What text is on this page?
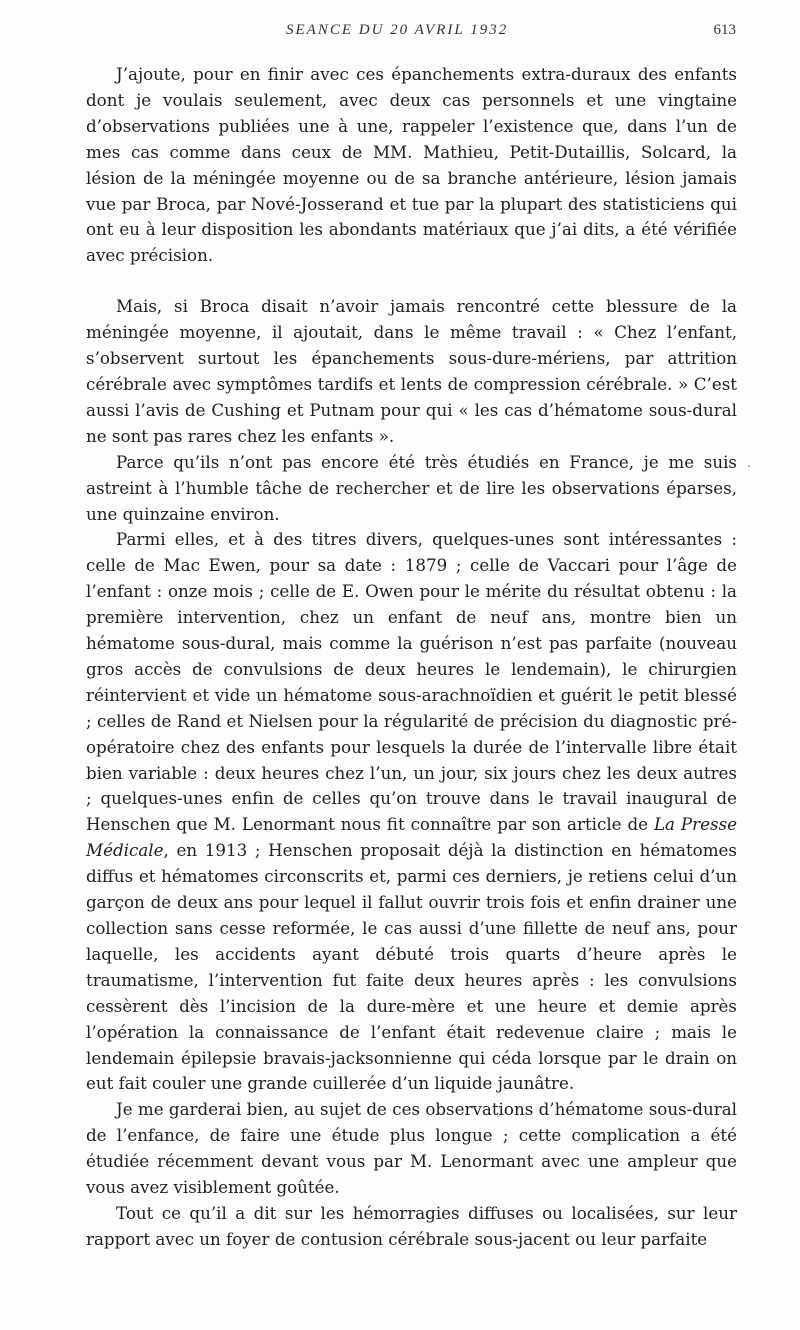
SEANCE DU 20 AVRIL 1932	613

J’ajoute, pour en finir avec ces épanchements extra-duraux des enfants dont je voulais seulement, avec deux cas personnels et une vingtaine d’observations publiées une à une, rappeler l’existence que, dans l’un de mes cas comme dans ceux de MM. Mathieu, Petit-Dutaillis, Solcard, la lésion de la méningée moyenne ou de sa branche antérieure, lésion jamais vue par Broca, par Nové-Josserand et tue par la plupart des statisticiens qui ont eu à leur disposition les abondants matériaux que j’ai dits, a été vérifiée avec précision.

Mais, si Broca disait n’avoir jamais rencontré cette blessure de la méningée moyenne, il ajoutait, dans le même travail : « Chez l’enfant, s’observent surtout les épanchements sous-dure-mériens, par attrition cérébrale avec symptômes tardifs et lents de compression cérébrale. » C’est aussi l’avis de Cushing et Putnam pour qui « les cas d’hématome sous-dural ne sont pas rares chez les enfants ».

Parce qu’ils n’ont pas encore été très étudiés en France, je me suis astreint à l’humble tâche de rechercher et de lire les observations éparses, une quinzaine environ.

Parmi elles, et à des titres divers, quelques-unes sont intéressantes : celle de Mac Ewen, pour sa date : 1879 ; celle de Vaccari pour l’âge de l’enfant : onze mois ; celle de E. Owen pour le mérite du résultat obtenu : la première intervention, chez un enfant de neuf ans, montre bien un hématome sous-dural, mais comme la guérison n’est pas parfaite (nouveau gros accès de convulsions de deux heures le lendemain), le chirurgien réintervient et vide un hématome sous-arachnoïdien et guérit le petit blessé ; celles de Rand et Nielsen pour la régularité de précision du diagnostic pré-opératoire chez des enfants pour lesquels la durée de l’intervalle libre était bien variable : deux heures chez l’un, un jour, six jours chez les deux autres ; quelques-unes enfin de celles qu’on trouve dans le travail inaugural de Henschen que M. Lenormant nous fit connaître par son article de La Presse Médicale, en 1913 ; Henschen proposait déjà la distinction en hématomes diffus et hématomes circonscrits et, parmi ces derniers, je retiens celui d’un garçon de deux ans pour lequel il fallut ouvrir trois fois et enfin drainer une collection sans cesse reformée, le cas aussi d’une fillette de neuf ans, pour laquelle, les accidents ayant débuté trois quarts d’heure après le traumatisme, l’intervention fut faite deux heures après : les convulsions cessèrent dès l’incision de la dure-mère et une heure et demie après l’opération la connaissance de l’enfant était redevenue claire ; mais le lendemain épilepsie bravais-jacksonnienne qui céda lorsque par le drain on eut fait couler une grande cuillerée d’un liquide jaunâtre.

Je me garderai bien, au sujet de ces observations d’hématome sous-dural de l’enfance, de faire une étude plus longue ; cette complication a été étudiée récemment devant vous par M. Lenormant avec une ampleur que vous avez visiblement goûtée.

Tout ce qu’il a dit sur les hémorragies diffuses ou localisées, sur leur rapport avec un foyer de contusion cérébrale sous-jacent ou leur parfaite

.
